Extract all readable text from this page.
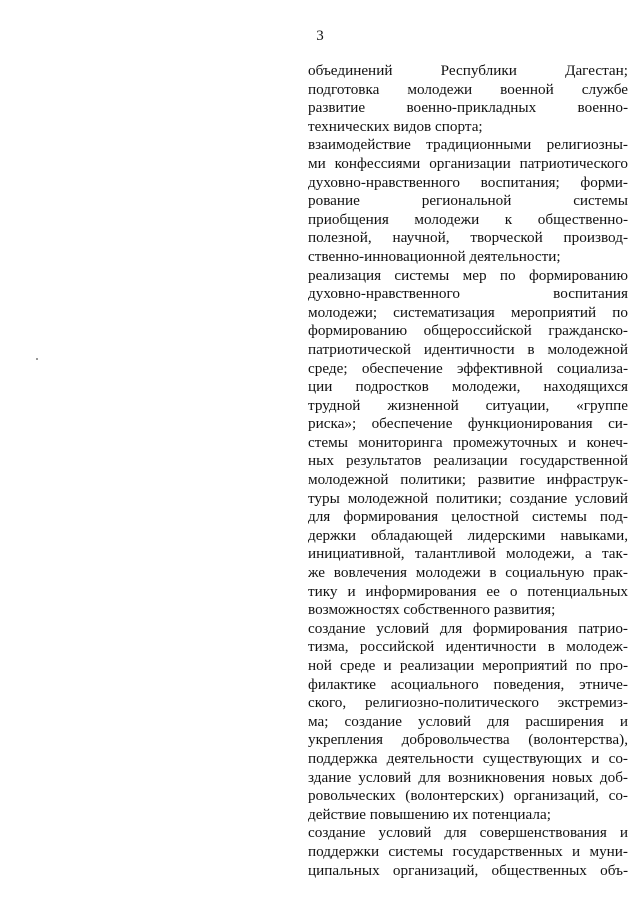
3
объединений Республики Дагестан;
подготовка молодежи военной службе
развитие военно-прикладных военно-
технических видов спорта;
взаимодействие традиционными религиозны-
ми конфессиями организации патриотического
духовно-нравственного воспитания; форми-
рование региональной системы
приобщения молодежи к общественно-
полезной, научной, творческой производ-
ственно-инновационной деятельности;
реализация системы мер по формированию
духовно-нравственного воспитания
молодежи; систематизация мероприятий по
формированию общероссийской гражданско-
патриотической идентичности в молодежной
среде; обеспечение эффективной социализа-
ции подростков молодежи, находящихся
трудной жизненной ситуации, «группе
риска»; обеспечение функционирования си-
стемы мониторинга промежуточных и конеч-
ных результатов реализации государственной
молодежной политики; развитие инфраструк-
туры молодежной политики; создание условий
для формирования целостной системы под-
держки обладающей лидерскими навыками,
инициативной, талантливой молодежи, а так-
же вовлечения молодежи в социальную прак-
тику и информирования ее о потенциальных
возможностях собственного развития;
создание условий для формирования патрио-
тизма, российской идентичности в молодеж-
ной среде и реализации мероприятий по про-
филактике асоциального поведения, этниче-
ского, религиозно-политического экстремиз-
ма; создание условий для расширения и
укрепления добровольчества (волонтерства),
поддержка деятельности существующих и со-
здание условий для возникновения новых доб-
ровольческих (волонтерских) организаций, со-
действие повышению их потенциала;
создание условий для совершенствования и
поддержки системы государственных и муни-
ципальных организаций, общественных объ-
